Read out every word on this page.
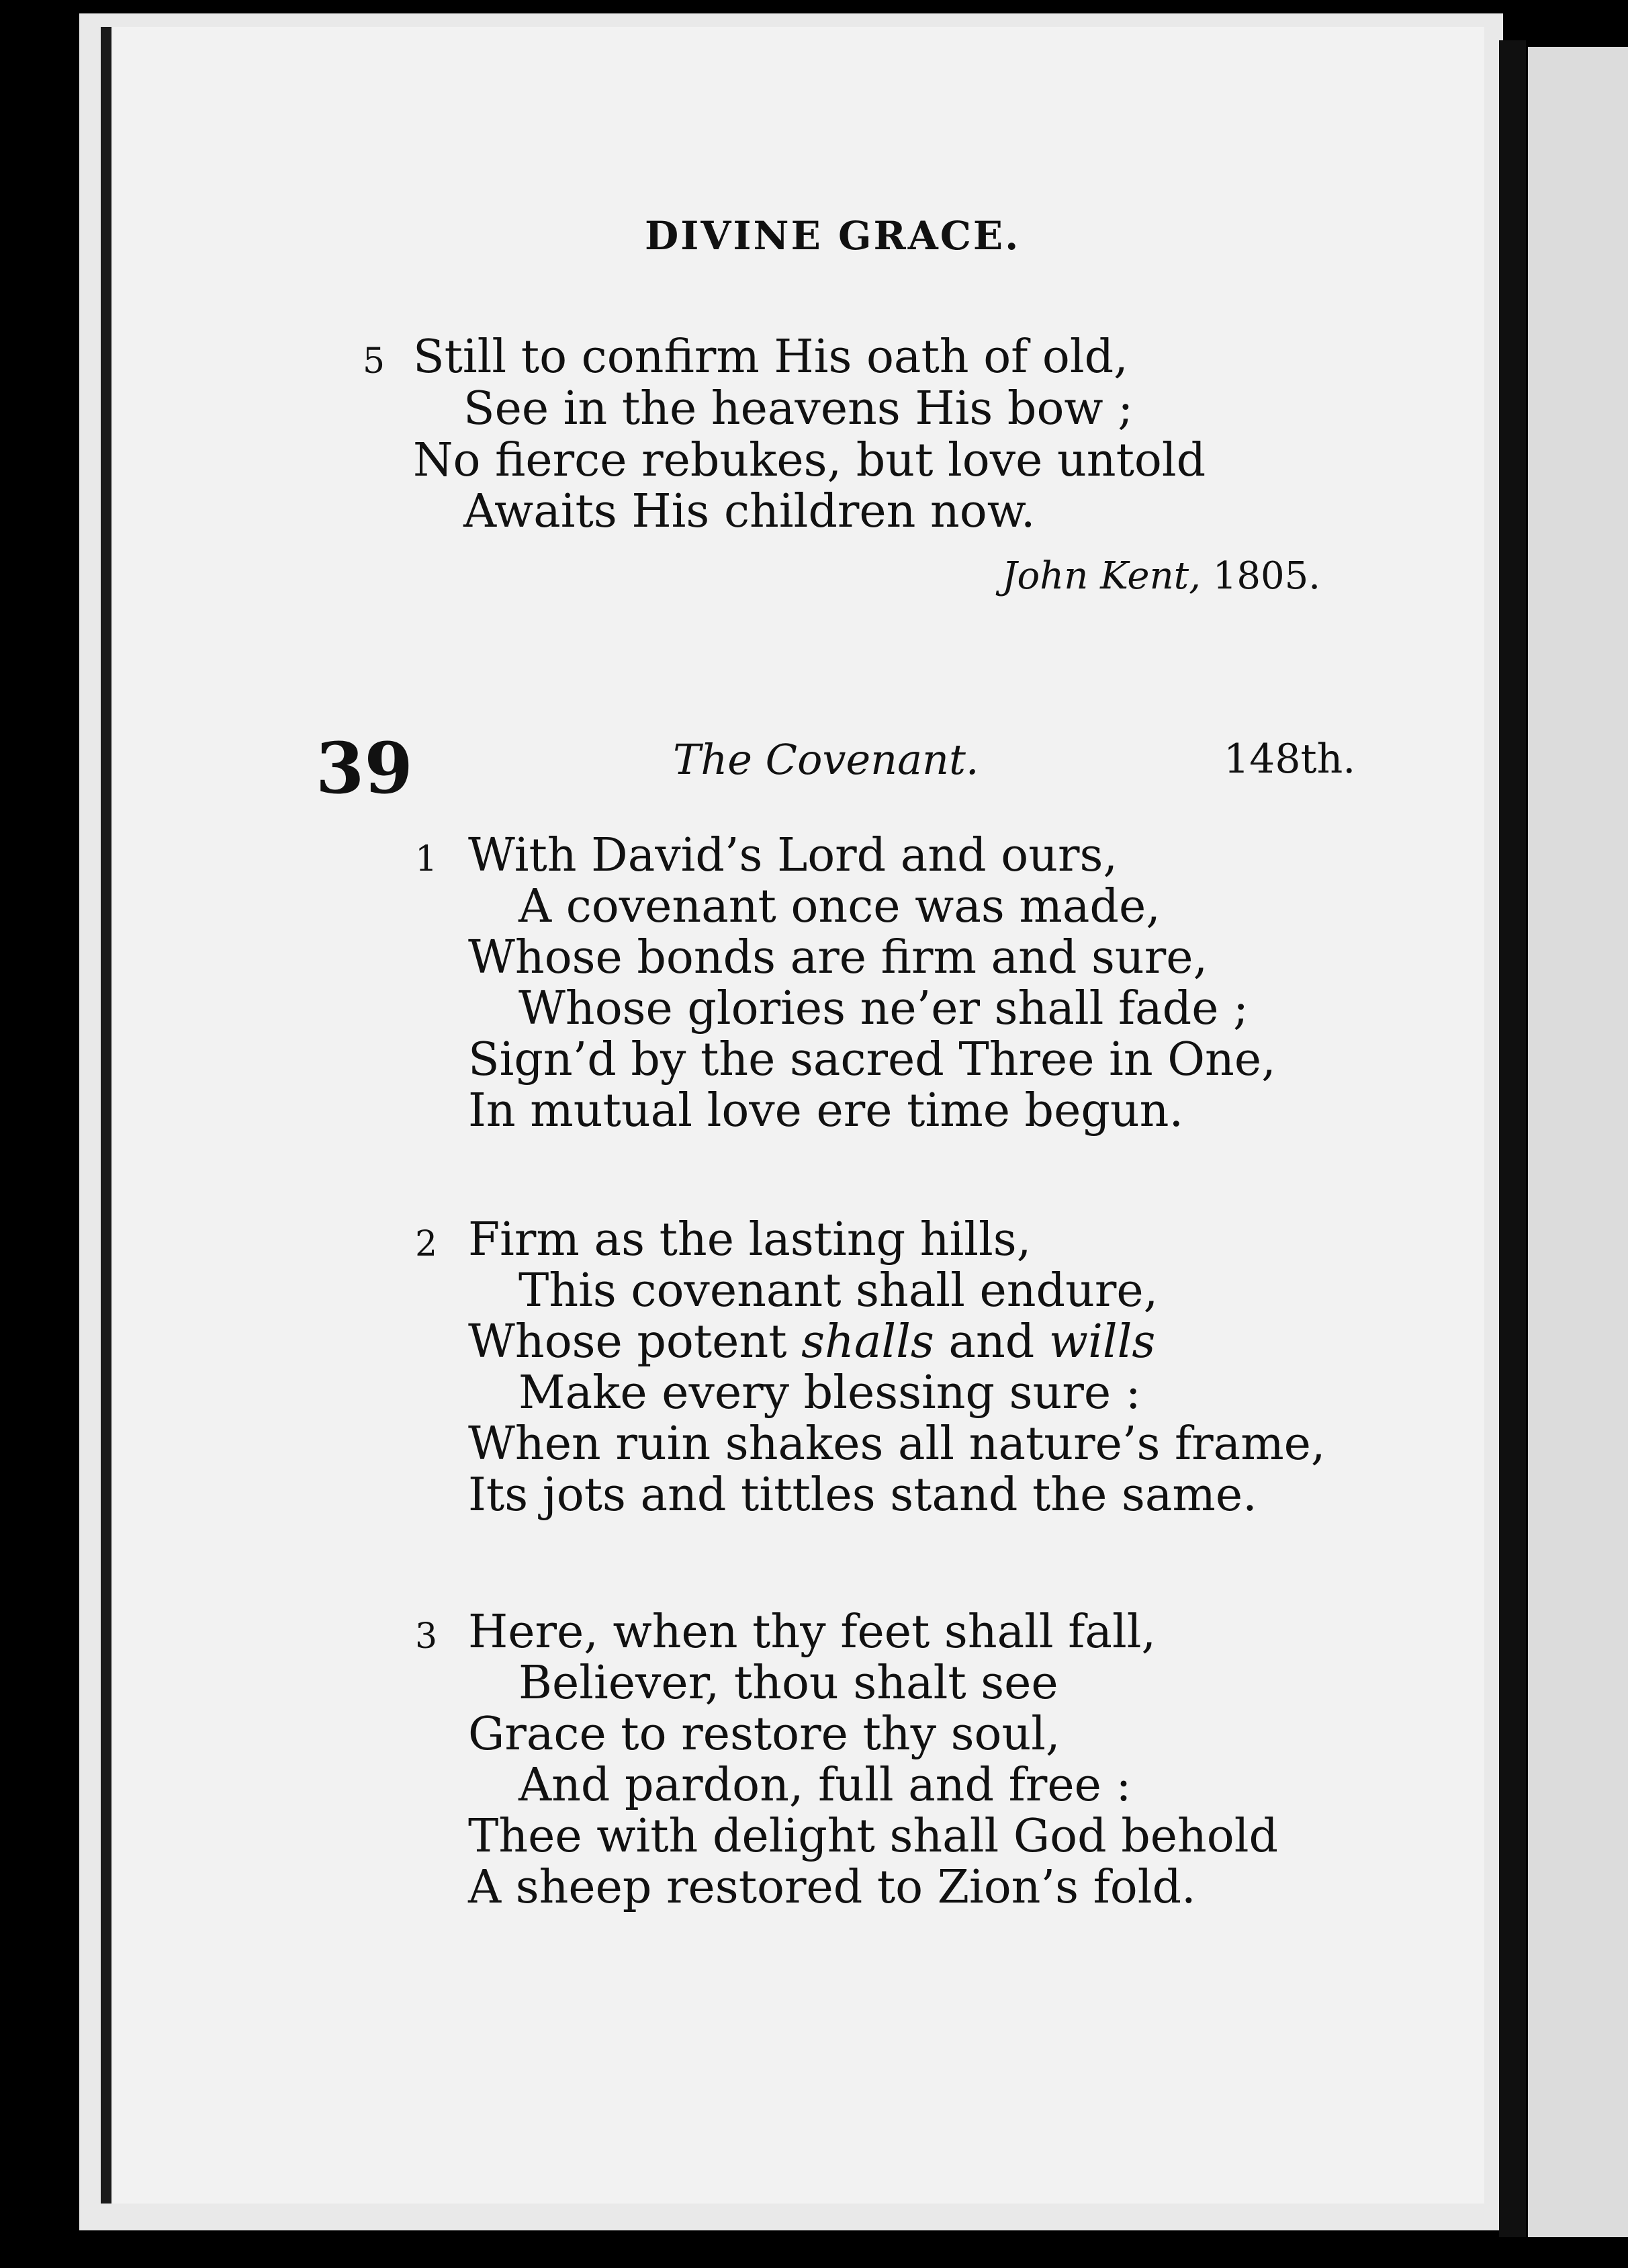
DIVINE GRACE.
5 Still to confirm His oath of old,
See in the heavens His bow ;
No fierce rebukes, but love untold
Awaits His children now.
John Kent, 1805.
39	The Covenant.	148th.
1 With David’s Lord and ours,
A covenant once was made,
Whose bonds are firm and sure,
Whose glories ne’er shall fade ;
Sign’d by the sacred Three in One,
In mutual love ere time begun.
2 Firm as the lasting hills,
This covenant shall endure,
Whose potent shalls and wills
Make every blessing sure :
When ruin shakes all nature’s frame,
Its jots and tittles stand the same.
3 Here, when thy feet shall fall,
Believer, thou shalt see
Grace to restore thy soul,
And pardon, full and free :
Thee with delight shall God behold
A sheep restored to Zion’s fold.
